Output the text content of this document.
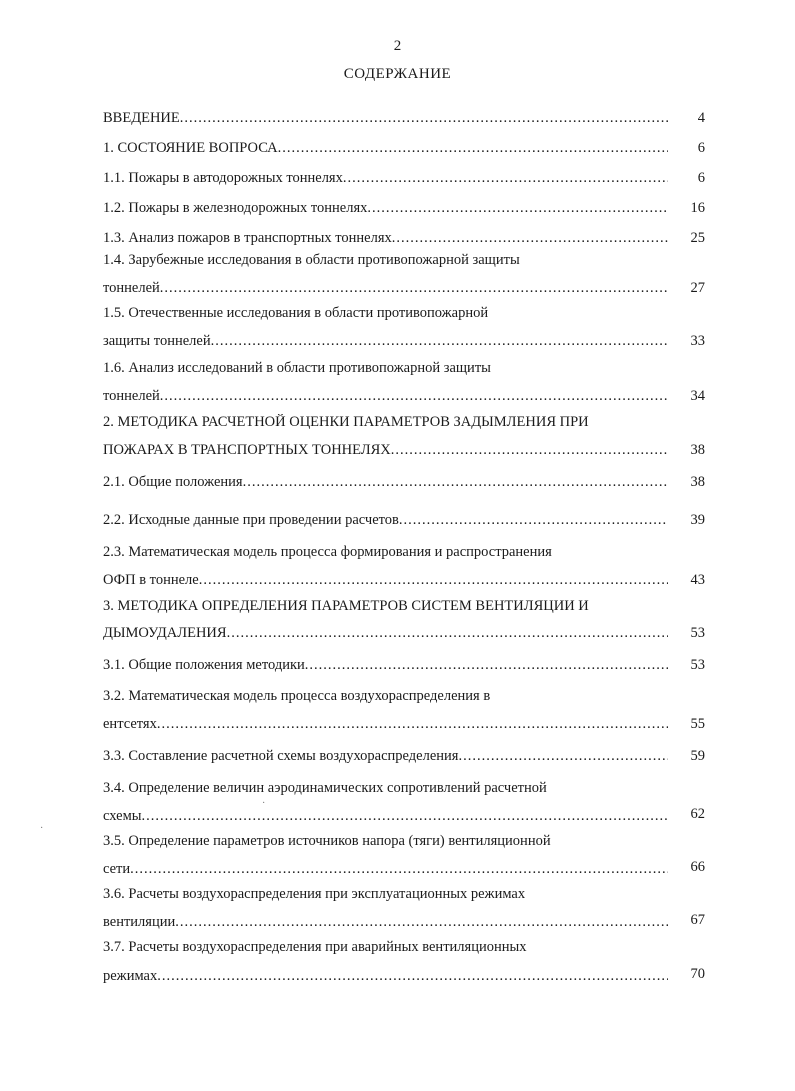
2
СОДЕРЖАНИЕ
ВВЕДЕНИЕ .....	4
1. СОСТОЯНИЕ ВОПРОСА .....	6
1.1. Пожары в автодорожных тоннелях .....	6
1.2. Пожары в железнодорожных тоннелях .....	16
1.3. Анализ пожаров в транспортных тоннелях .....	25
1.4. Зарубежные исследования в области противопожарной защиты
тоннелей .....	27
1.5. Отечественные исследования в области противопожарной
защиты тоннелей .....	33
1.6. Анализ исследований в области противопожарной защиты
тоннелей .....	34
2. МЕТОДИКА РАСЧЕТНОЙ ОЦЕНКИ ПАРАМЕТРОВ ЗАДЫМЛЕНИЯ ПРИ
ПОЖАРАХ В ТРАНСПОРТНЫХ ТОННЕЛЯХ .....	38
2.1. Общие положения .....	38
2.2. Исходные данные при проведении расчетов .....	39
2.3. Математическая модель процесса формирования и распространения
ОФП в тоннеле .....	43
3. МЕТОДИКА ОПРЕДЕЛЕНИЯ ПАРАМЕТРОВ СИСТЕМ ВЕНТИЛЯЦИИ И
ДЫМОУДАЛЕНИЯ .....	53
3.1. Общие положения методики .....	53
3.2. Математическая модель процесса воздухораспределения в
ентсетях .....	55
3.3. Составление расчетной схемы воздухораспределения .....	59
3.4. Определение величин аэродинамических сопротивлений расчетной
схемы .....	62
3.5. Определение параметров источников напора (тяги) вентиляционной
сети .....	66
3.6. Расчеты воздухораспределения при эксплуатационных режимах
вентиляции .....	67
3.7. Расчеты воздухораспределения при аварийных вентиляционных
режимах .....	70
·
·
